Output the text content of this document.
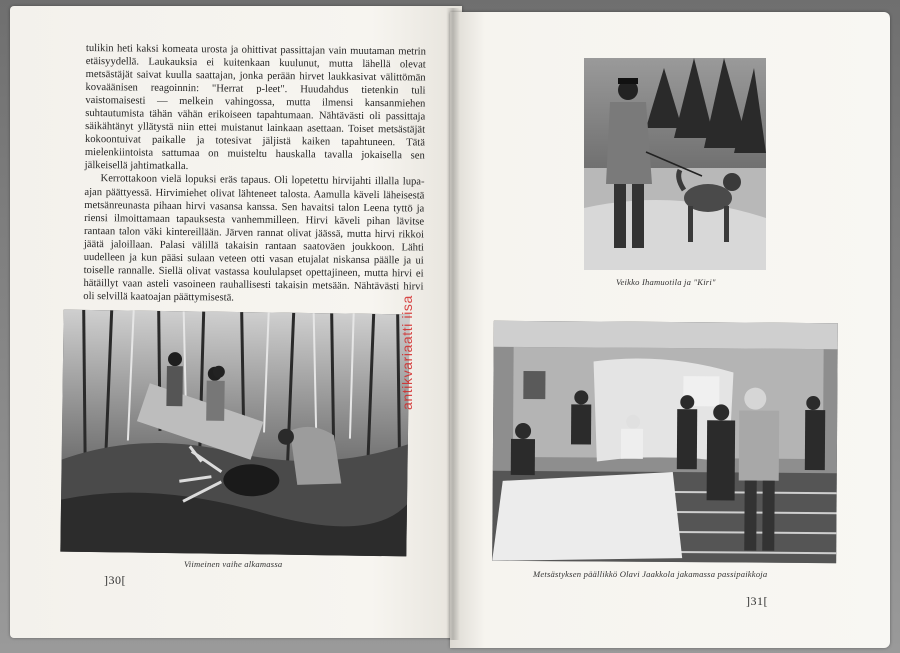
tulikin heti kaksi komeata urosta ja ohittivat passittajan vain muutaman metrin etäisyydellä. Laukauksia ei kuitenkaan kuulunut, mutta lähellä olevat metsästäjät saivat kuulla saattajan, jonka perään hirvet laukkasivat välittömän kovaäänisen reagoinnin: "Herrat p-leet". Huudahdus tietenkin tuli vaistomaisesti — melkein vahingossa, mutta ilmensi kansanmiehen suhtautumista tähän vähän erikoiseen tapahtumaan. Nähtävästi oli passittaja säikähtänyt yllätystä niin ettei muistanut lainkaan asettaan. Toiset metsästäjät kokoontuivat paikalle ja totesivat jäljistä kaiken tapahtuneen. Tätä mielenkiintoista sattumaa on muisteltu hauskalla tavalla jokaisella sen jälkeisellä jahtimatkalla.

Kerrottakoon vielä lopuksi eräs tapaus. Oli lopetettu hirvijahti illalla lupa-ajan päättyessä. Hirvimiehet olivat lähteneet talosta. Aamulla käveli läheisestä metsänreunasta pihaan hirvi vasansa kanssa. Sen havaitsi talon Leena tyttö ja riensi ilmoittamaan tapauksesta vanhemmilleen. Hirvi käveli pihan lävitse rantaan talon väki kintereillään. Järven rannat olivat jäässä, mutta hirvi rikkoi jäätä jaloillaan. Palasi välillä takaisin rantaan saatoväen joukkoon. Lähti uudelleen ja kun pääsi sulaan veteen otti vasan etujalat niskansa päälle ja ui toiselle rannalle. Siellä olivat vastassa koululapset opettajineen, mutta hirvi ei hätäillyt vaan asteli vasoineen rauhallisesti takaisin metsään. Nähtävästi hirvi oli selvillä kaatoajan päättymisestä.

Viimeinen vaihe alkamassa
]30[
Veikko Ihamuotila ja "Kiri"
Metsästyksen päällikkö Olavi Jaakkola jakamassa passipaikkoja
]31[
antikvariaatti iisa
